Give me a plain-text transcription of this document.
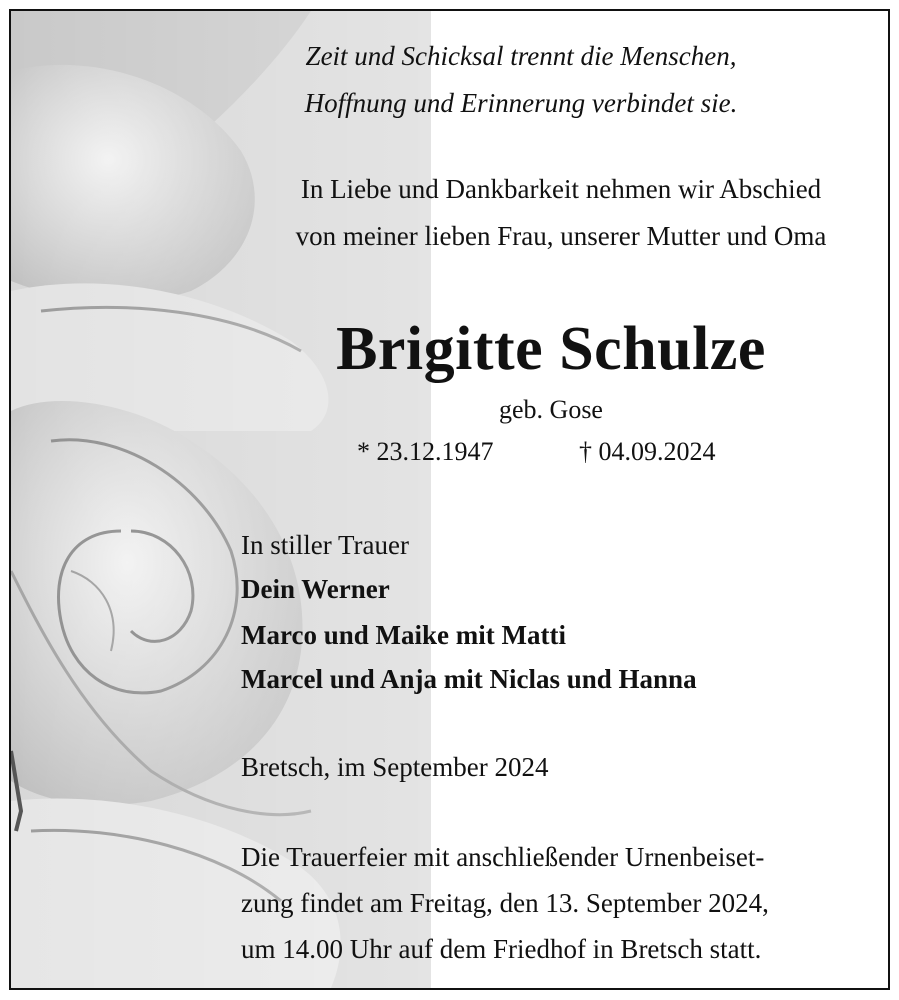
Zeit und Schicksal trennt die Menschen,
Hoffnung und Erinnerung verbindet sie.
In Liebe und Dankbarkeit nehmen wir Abschied
von meiner lieben Frau, unserer Mutter und Oma
Brigitte Schulze
geb. Gose
* 23.12.1947	† 04.09.2024
In stiller Trauer
Dein Werner
Marco und Maike mit Matti
Marcel und Anja mit Niclas und Hanna
Bretsch, im September 2024
Die Trauerfeier mit anschließender Urnenbeiset-
zung findet am Freitag, den 13. September 2024,
um 14.00 Uhr auf dem Friedhof in Bretsch statt.
